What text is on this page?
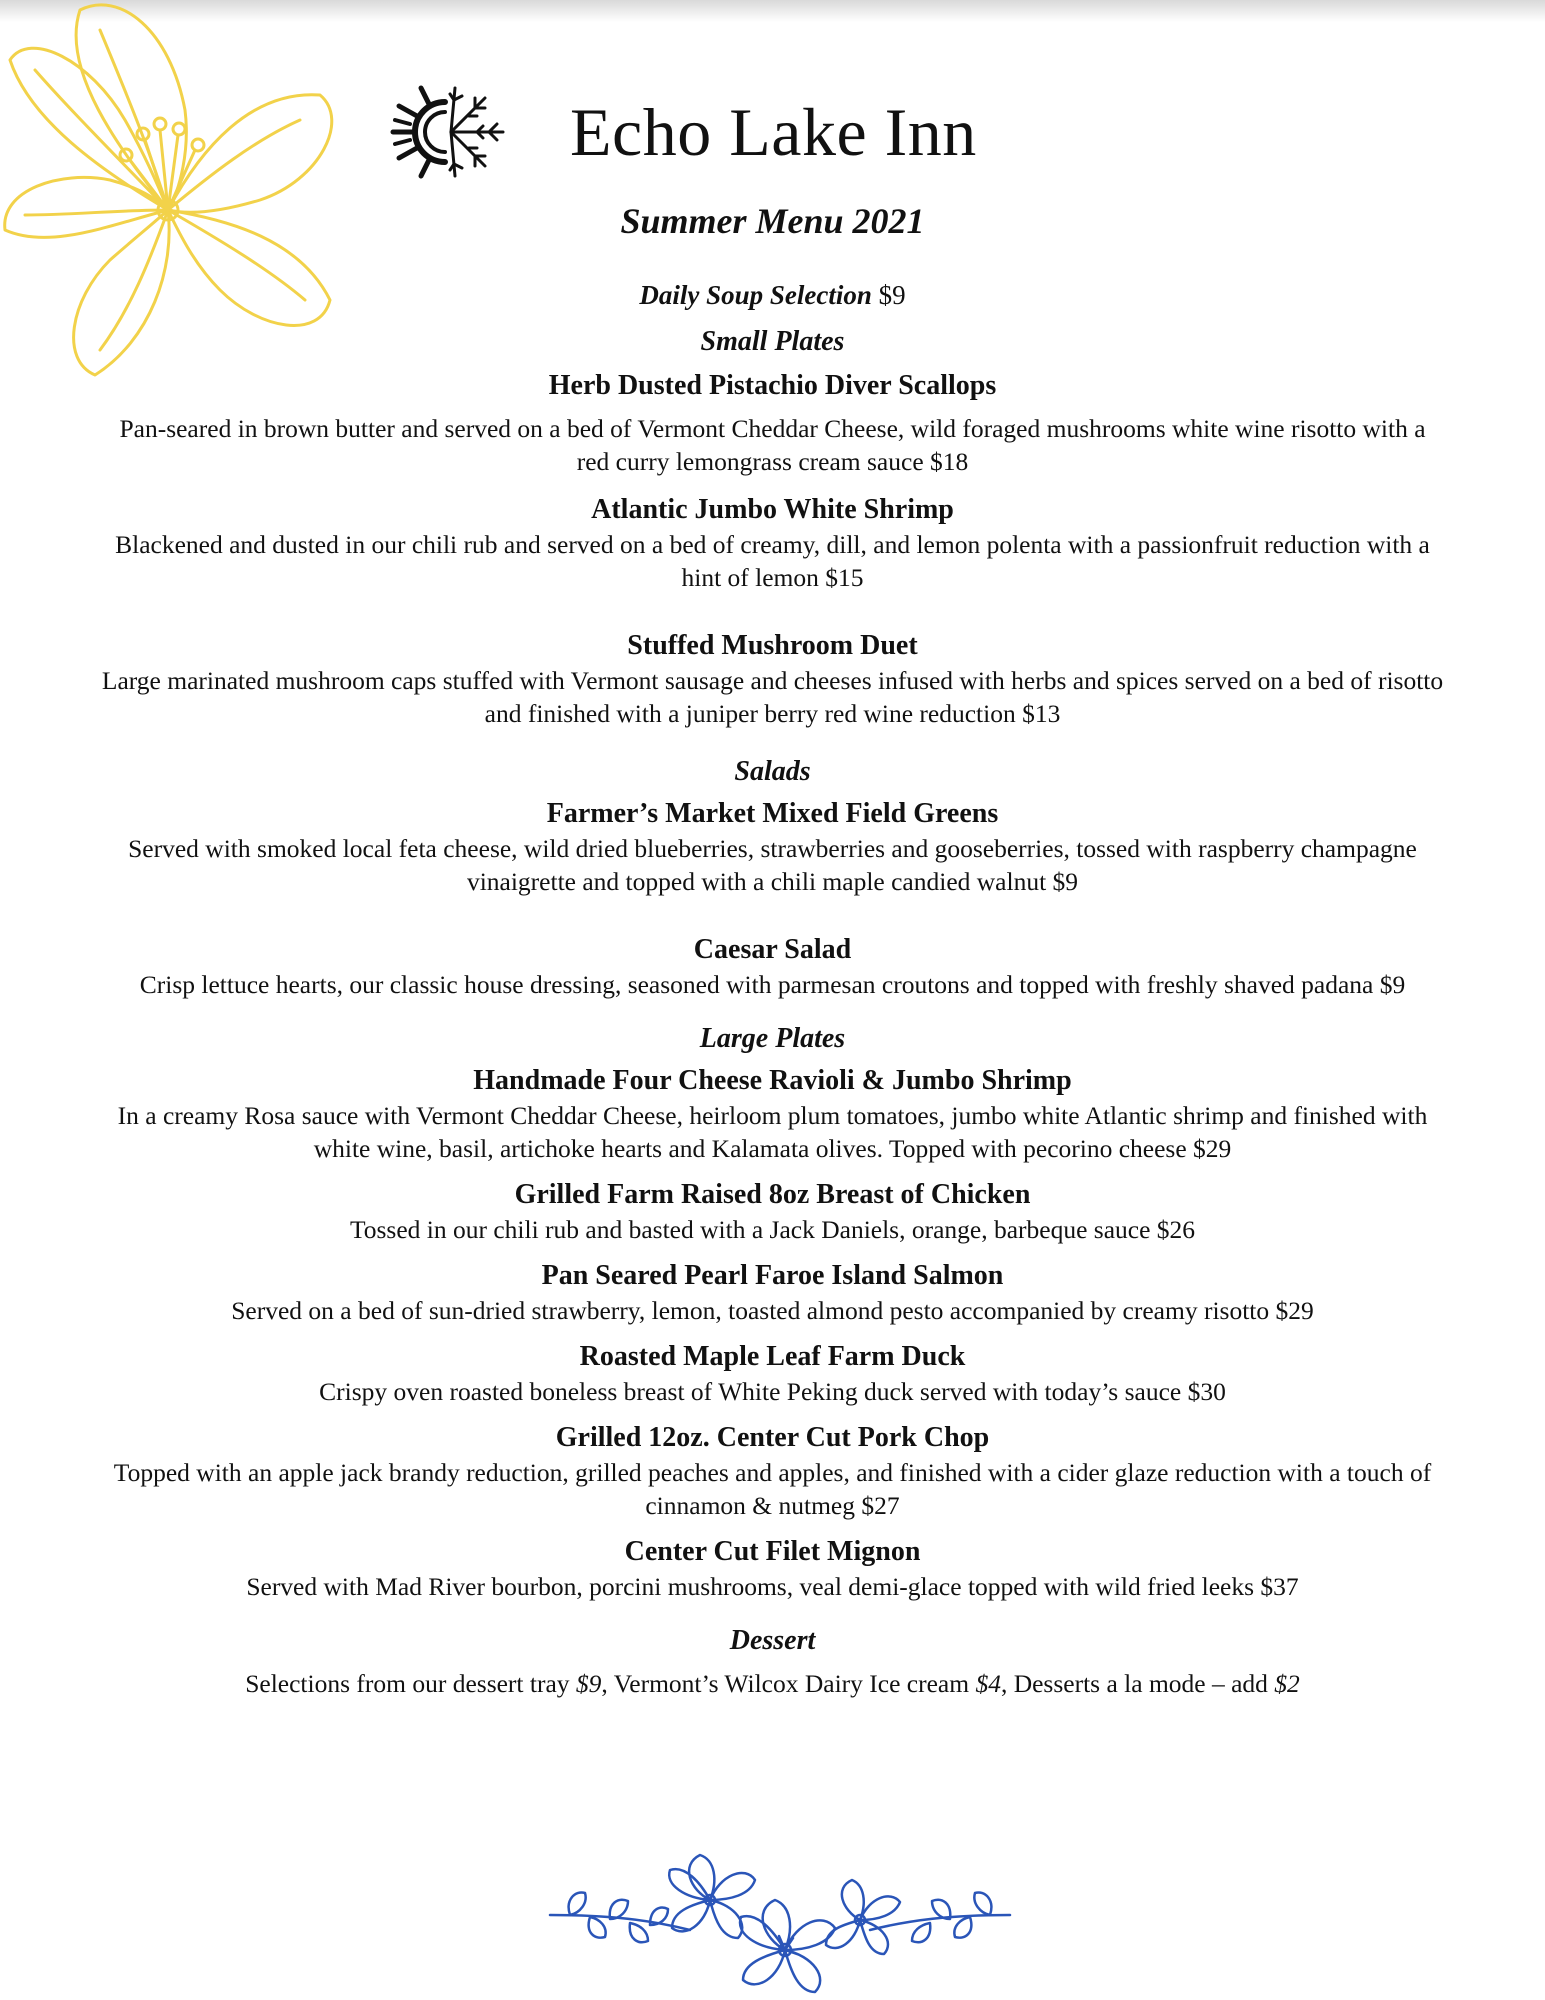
Echo Lake Inn
Summer Menu 2021
Daily Soup Selection $9
Small Plates
Herb Dusted Pistachio Diver Scallops
Pan-seared in brown butter and served on a bed of Vermont Cheddar Cheese, wild foraged mushrooms white wine risotto with a red curry lemongrass cream sauce $18
Atlantic Jumbo White Shrimp
Blackened and dusted in our chili rub and served on a bed of creamy, dill, and lemon polenta with a passionfruit reduction with a hint of lemon $15
Stuffed Mushroom Duet
Large marinated mushroom caps stuffed with Vermont sausage and cheeses infused with herbs and spices served on a bed of risotto and finished with a juniper berry red wine reduction $13
Salads
Farmer’s Market Mixed Field Greens
Served with smoked local feta cheese, wild dried blueberries, strawberries and gooseberries, tossed with raspberry champagne vinaigrette and topped with a chili maple candied walnut $9
Caesar Salad
Crisp lettuce hearts, our classic house dressing, seasoned with parmesan croutons and topped with freshly shaved padana $9
Large Plates
Handmade Four Cheese Ravioli & Jumbo Shrimp
In a creamy Rosa sauce with Vermont Cheddar Cheese, heirloom plum tomatoes, jumbo white Atlantic shrimp and finished with white wine, basil, artichoke hearts and Kalamata olives. Topped with pecorino cheese $29
Grilled Farm Raised 8oz Breast of Chicken
Tossed in our chili rub and basted with a Jack Daniels, orange, barbeque sauce $26
Pan Seared Pearl Faroe Island Salmon
Served on a bed of sun-dried strawberry, lemon, toasted almond pesto accompanied by creamy risotto $29
Roasted Maple Leaf Farm Duck
Crispy oven roasted boneless breast of White Peking duck served with today’s sauce $30
Grilled 12oz. Center Cut Pork Chop
Topped with an apple jack brandy reduction, grilled peaches and apples, and finished with a cider glaze reduction with a touch of cinnamon & nutmeg $27
Center Cut Filet Mignon
Served with Mad River bourbon, porcini mushrooms, veal demi-glace topped with wild fried leeks $37
Dessert
Selections from our dessert tray $9, Vermont’s Wilcox Dairy Ice cream $4, Desserts a la mode – add $2
